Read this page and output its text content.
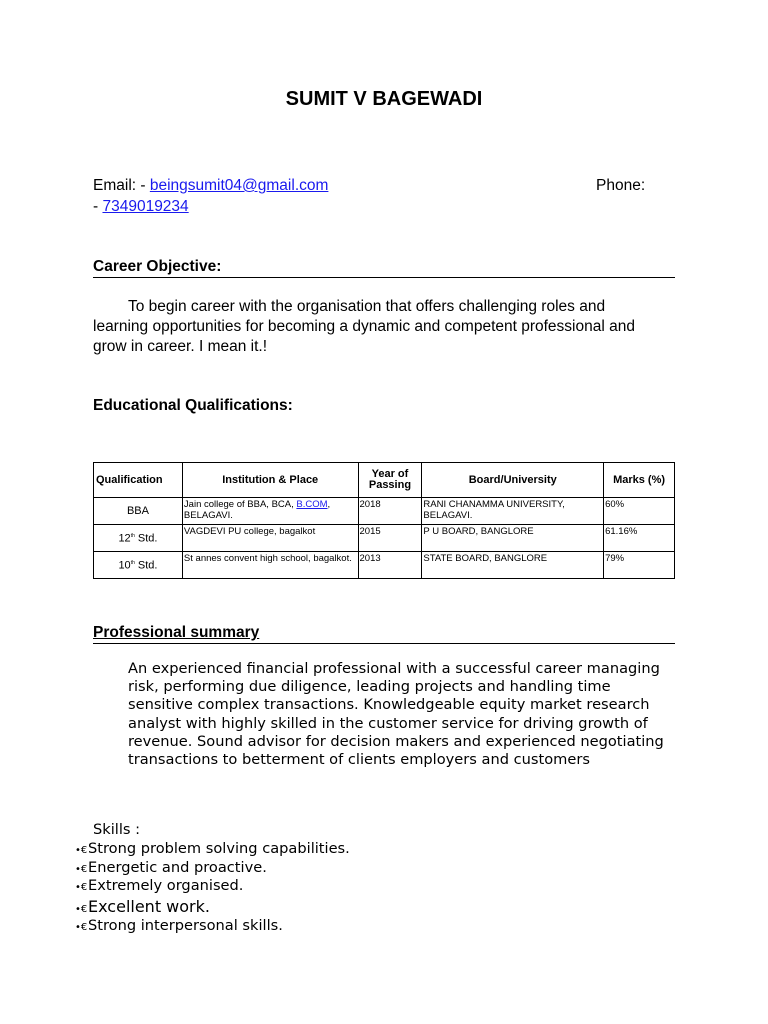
SUMIT V BAGEWADI
Email: - beingsumit04@gmail.com	Phone:
- 7349019234
Career Objective:
To begin career with the organisation that offers challenging roles and learning opportunities for becoming a dynamic and competent professional and grow in career. I mean it.!
Educational Qualifications:
Qualification	Institution & Place	Year of Passing	Board/University	Marks (%)
BBA	Jain college of BBA, BCA, B.COM, BELAGAVI.	2018	RANI CHANAMMA UNIVERSITY, BELAGAVI.	60%
12th Std.	VAGDEVI PU college, bagalkot	2015	P U BOARD, BANGLORE	61.16%
10th Std.	St annes convent high school, bagalkot.	2013	STATE BOARD, BANGLORE	79%
Professional summary
An experienced financial professional with a successful career managing risk, performing due diligence, leading projects and handling time sensitive complex transactions. Knowledgeable equity market research analyst with highly skilled in the customer service for driving growth of revenue. Sound advisor for decision makers and experienced negotiating transactions to betterment of clients employers and customers
Skills :
•€Strong problem solving capabilities.
•€Energetic and proactive.
•€Extremely organised.
•€Excellent work.
•€Strong interpersonal skills.
